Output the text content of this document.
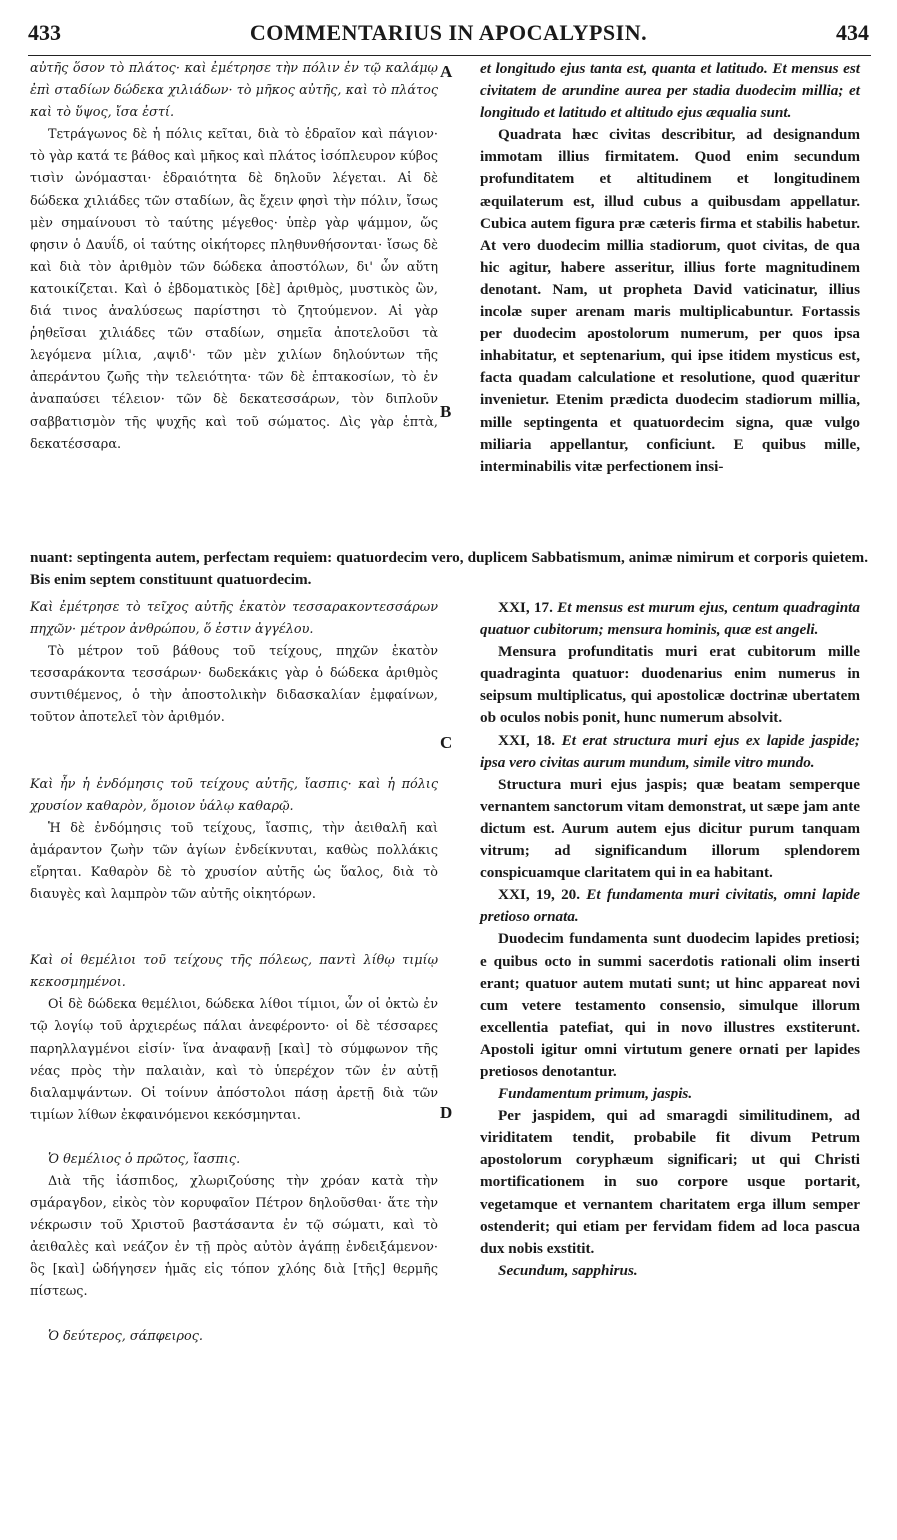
433	COMMENTARIUS IN APOCALYPSIN.	434

αὐτῆς ὅσον τὸ πλάτος· καὶ ἐμέτρησε τὴν πόλιν ἐν τῷ καλάμῳ ἐπὶ σταδίων δώδεκα χιλιάδων· τὸ μῆκος αὐτῆς, καὶ τὸ πλάτος καὶ τὸ ὕψος, ἴσα ἐστί.

Τετράγωνος δὲ ἡ πόλις κεῖται, διὰ τὸ ἑδραῖον καὶ πάγιον· τὸ γὰρ κατά τε βάθος καὶ μῆκος καὶ πλάτος ἰσόπλευρον κύβος τισὶν ὠνόμασται· ἑδραιότητα δὲ δηλοῦν λέγεται. Αἱ δὲ δώδεκα χιλιάδες τῶν σταδίων, ἃς ἔχειν φησὶ τὴν πόλιν, ἴσως μὲν σημαίνουσι τὸ ταύτης μέγεθος· ὑπὲρ γὰρ ψάμμον, ὥς φησιν ὁ Δαυΐδ, οἱ ταύτης οἰκήτορες πληθυνθήσονται· ἴσως δὲ καὶ διὰ τὸν ἀριθμὸν τῶν δώδεκα ἀποστόλων, δι' ὧν αὕτη κατοικίζεται. Καὶ ὁ ἑβδοματικὸς [δὲ] ἀριθμὸς, μυστικὸς ὢν, διά τινος ἀναλύσεως παρίστησι τὸ ζητούμενον. Αἱ γὰρ ῥηθεῖσαι χιλιάδες τῶν σταδίων, σημεῖα ἀποτελοῦσι τὰ λεγόμενα μίλια, ‚αψιδ'· τῶν μὲν χιλίων δηλούντων τῆς ἀπεράντου ζωῆς τὴν τελειότητα· τῶν δὲ ἑπτακοσίων, τὸ ἐν ἀναπαύσει τέλειον· τῶν δὲ δεκατεσσάρων, τὸν διπλοῦν σαββατισμὸν τῆς ψυχῆς καὶ τοῦ σώματος. Δὶς γὰρ ἑπτὰ, δεκατέσσαρα.

et longitudo ejus tanta est, quanta et latitudo. Et mensus est civitatem de arundine aurea per stadia duodecim millia; et longitudo et latitudo et altitudo ejus æqualia sunt.

Quadrata hæc civitas describitur, ad designandum immotam illius firmitatem. Quod enim secundum profunditatem et altitudinem et longitudinem æquilaterum est, illud cubus a quibusdam appellatur. Cubica autem figura præ cæteris firma et stabilis habetur. At vero duodecim millia stadiorum, quot civitas, de qua hic agitur, habere asseritur, illius forte magnitudinem denotant. Nam, ut propheta David vaticinatur, illius incolæ super arenam maris multiplicabuntur. Fortassis per duodecim apostolorum numerum, per quos ipsa inhabitatur, et septenarium, qui ipse itidem mysticus est, facta quadam calculatione et resolutione, quod quæritur invenietur. Etenim prædicta duodecim stadiorum millia, mille septingenta et quatuordecim signa, quæ vulgo miliaria appellantur, conficiunt. E quibus mille, interminabilis vitæ perfectionem insi-

A
B
C
D

nuant: septingenta autem, perfectam requiem: quatuordecim vero, duplicem Sabbatismum, animæ nimirum et corporis quietem. Bis enim septem constituunt quatuordecim.

Καὶ ἐμέτρησε τὸ τεῖχος αὐτῆς ἑκατὸν τεσσαρακοντεσσάρων πηχῶν· μέτρον ἀνθρώπου, ὅ ἐστιν ἀγγέλου.

Τὸ μέτρον τοῦ βάθους τοῦ τείχους, πηχῶν ἑκατὸν τεσσαράκοντα τεσσάρων· δωδεκάκις γὰρ ὁ δώδεκα ἀριθμὸς συντιθέμενος, ὁ τὴν ἀποστολικὴν διδασκαλίαν ἐμφαίνων, τοῦτον ἀποτελεῖ τὸν ἀριθμόν.

Καὶ ἦν ἡ ἐνδόμησις τοῦ τείχους αὐτῆς, ἴασπις· καὶ ἡ πόλις χρυσίον καθαρὸν, ὅμοιον ὑάλῳ καθαρῷ.

Ἡ δὲ ἐνδόμησις τοῦ τείχους, ἴασπις, τὴν ἀειθαλῆ καὶ ἀμάραντον ζωὴν τῶν ἁγίων ἐνδείκνυται, καθὼς πολλάκις εἴρηται. Καθαρὸν δὲ τὸ χρυσίον αὐτῆς ὡς ὕαλος, διὰ τὸ διαυγὲς καὶ λαμπρὸν τῶν αὐτῆς οἰκητόρων.

Καὶ οἱ θεμέλιοι τοῦ τείχους τῆς πόλεως, παντὶ λίθῳ τιμίῳ κεκοσμημένοι.

Οἱ δὲ δώδεκα θεμέλιοι, δώδεκα λίθοι τίμιοι, ὧν οἱ ὀκτὼ ἐν τῷ λογίῳ τοῦ ἀρχιερέως πάλαι ἀνεφέροντο· οἱ δὲ τέσσαρες παρηλλαγμένοι εἰσίν· ἵνα ἀναφανῇ [καὶ] τὸ σύμφωνον τῆς νέας πρὸς τὴν παλαιὰν, καὶ τὸ ὑπερέχον τῶν ἐν αὐτῇ διαλαμψάντων. Οἱ τοίνυν ἀπόστολοι πάσῃ ἀρετῇ διὰ τῶν τιμίων λίθων ἐκφαινόμενοι κεκόσμηνται.

Ὁ θεμέλιος ὁ πρῶτος, ἴασπις.

Διὰ τῆς ἰάσπιδος, χλωριζούσης τὴν χρόαν κατὰ τὴν σμάραγδον, εἰκὸς τὸν κορυφαῖον Πέτρον δηλοῦσθαι· ἅτε τὴν νέκρωσιν τοῦ Χριστοῦ βαστάσαντα ἐν τῷ σώματι, καὶ τὸ ἀειθαλὲς καὶ νεάζον ἐν τῇ πρὸς αὐτὸν ἀγάπῃ ἐνδειξάμενον· ὃς [καὶ] ὡδήγησεν ἡμᾶς εἰς τόπον χλόης διὰ [τῆς] θερμῆς πίστεως.

Ὁ δεύτερος, σάπφειρος.

XXI, 17. Et mensus est murum ejus, centum quadraginta quatuor cubitorum; mensura hominis, quæ est angeli.

Mensura profunditatis muri erat cubitorum mille quadraginta quatuor: duodenarius enim numerus in seipsum multiplicatus, qui apostolicæ doctrinæ ubertatem ob oculos nobis ponit, hunc numerum absolvit.

XXI, 18. Et erat structura muri ejus ex lapide jaspide; ipsa vero civitas aurum mundum, simile vitro mundo.

Structura muri ejus jaspis; quæ beatam semperque vernantem sanctorum vitam demonstrat, ut sæpe jam ante dictum est. Aurum autem ejus dicitur purum tanquam vitrum; ad significandum illorum splendorem conspicuamque claritatem qui in ea habitant.

XXI, 19, 20. Et fundamenta muri civitatis, omni lapide pretioso ornata.

Duodecim fundamenta sunt duodecim lapides pretiosi; e quibus octo in summi sacerdotis rationali olim inserti erant; quatuor autem mutati sunt; ut hinc appareat novi cum vetere testamento consensio, simulque illorum excellentia patefiat, qui in novo illustres exstiterunt. Apostoli igitur omni virtutum genere ornati per lapides pretiosos denotantur.

Fundamentum primum, jaspis.

Per jaspidem, qui ad smaragdi similitudinem, ad viriditatem tendit, probabile fit divum Petrum apostolorum coryphæum significari; ut qui Christi mortificationem in suo corpore usque portarit, vegetamque et vernantem charitatem erga illum semper ostenderit; qui etiam per fervidam fidem ad loca pascua dux nobis exstitit.

Secundum, sapphirus.
